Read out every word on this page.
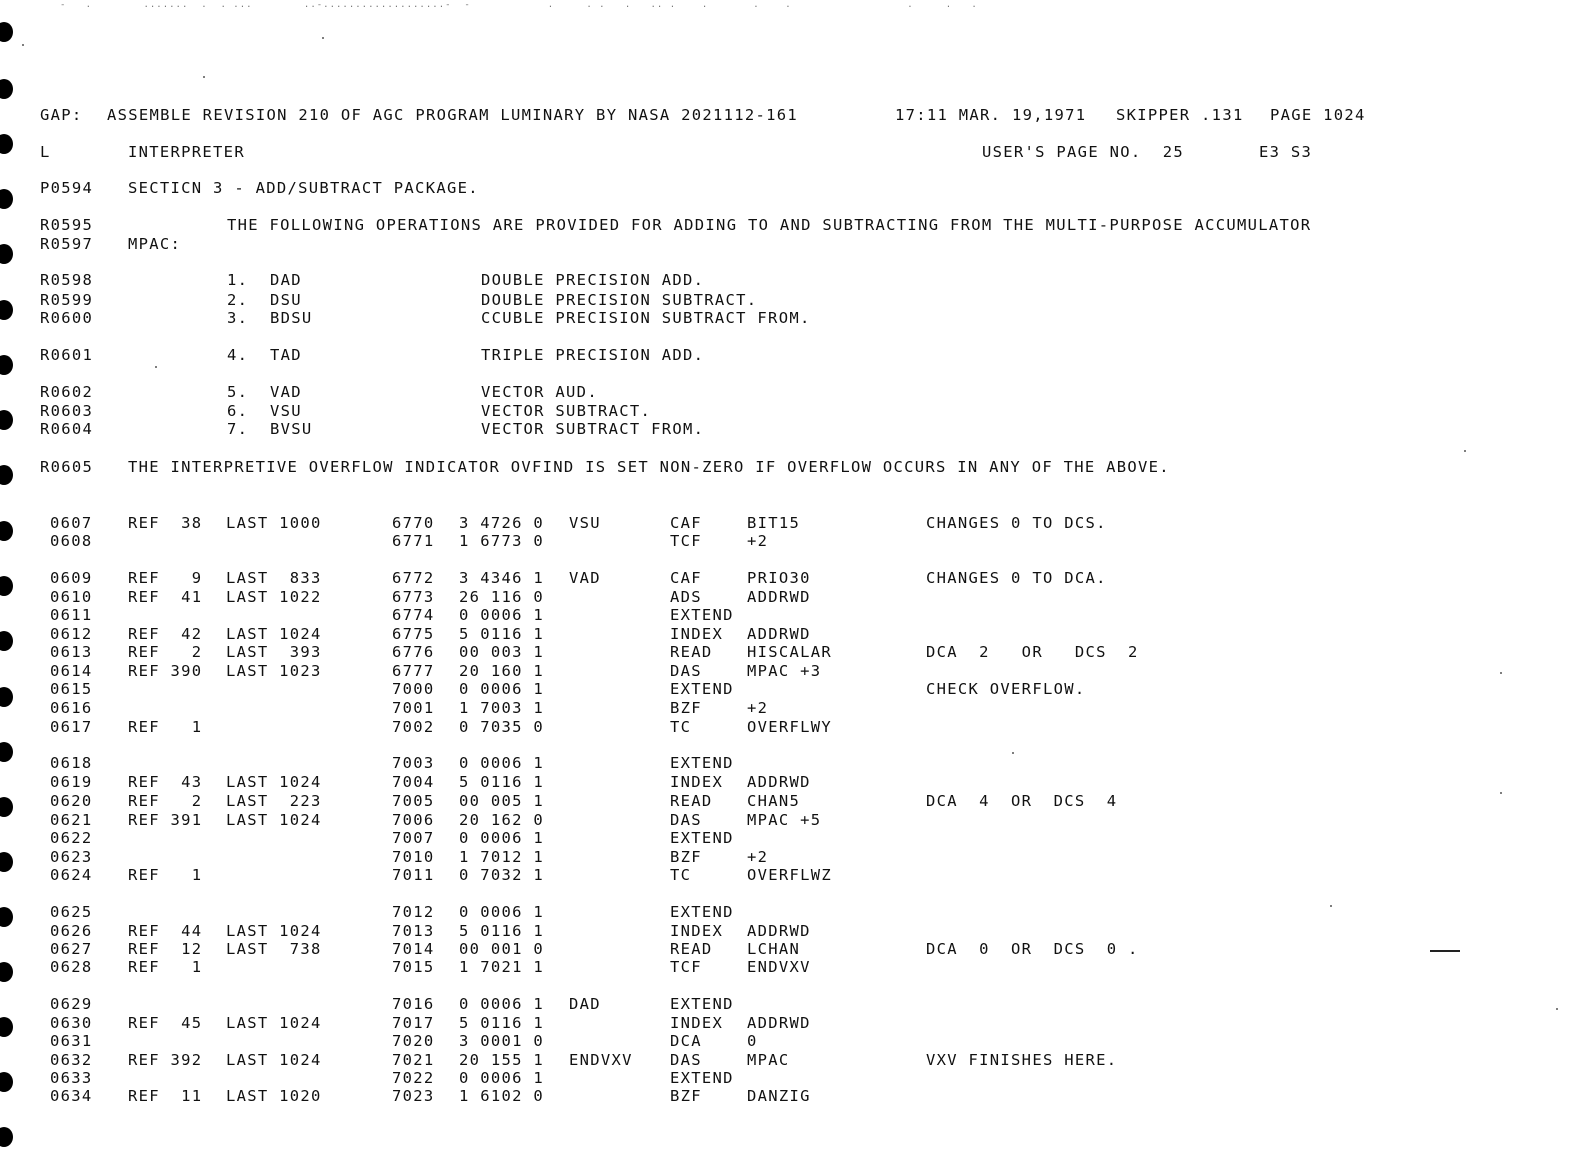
-   .        .......  .  . ...        ..-...................-  -            .     . .   .   .. .    .       .    .                  .     .   .
GAP: ASSEMBLE REVISION 210 OF AGC PROGRAM LUMINARY BY NASA 2021112-161	17:11 MAR. 19,1971 SKIPPER .131 PAGE 1024
L	INTERPRETER	USER'S PAGE NO.  25	E3 S3
P0594 SECTICN 3 - ADD/SUBTRACT PACKAGE.
R0595	THE FOLLOWING OPERATIONS ARE PROVIDED FOR ADDING TO AND SUBTRACTING FROM THE MULTI-PURPOSE ACCUMULATOR
R0597 MPAC:
R0598	1. DAD	DOUBLE PRECISION ADD.
R0599	2. DSU	DOUBLE PRECISION SUBTRACT.
R0600	3. BDSU	CCUBLE PRECISION SUBTRACT FROM.
R0601	4. TAD	TRIPLE PRECISION ADD.
R0602	5. VAD	VECTOR AUD.
R0603	6. VSU	VECTOR SUBTRACT.
R0604	7. BVSU	VECTOR SUBTRACT FROM.
R0605 THE INTERPRETIVE OVERFLOW INDICATOR OVFIND IS SET NON-ZERO IF OVERFLOW OCCURS IN ANY OF THE ABOVE.
0607 REF  38 LAST 1000	6770 3 4726 0 VSU	CAF	BIT15	CHANGES 0 TO DCS.
0608	6771 1 6773 0	TCF	+2
0609 REF   9 LAST  833	6772 3 4346 1 VAD	CAF	PRIO30	CHANGES 0 TO DCA.
0610 REF  41 LAST 1022	6773 26 116 0	ADS	ADDRWD
0611	6774 0 0006 1	EXTEND
0612 REF  42 LAST 1024	6775 5 0116 1	INDEX ADDRWD
0613 REF   2 LAST  393	6776 00 003 1	READ HISCALAR	DCA  2   OR   DCS  2
0614 REF 390 LAST 1023	6777 20 160 1	DAS	MPAC +3
0615	7000 0 0006 1	EXTEND	CHECK OVERFLOW.
0616	7001 1 7003 1	BZF	+2
0617 REF   1	7002 0 7035 0	TC	OVERFLWY
0618	7003 0 0006 1	EXTEND
0619 REF  43 LAST 1024	7004 5 0116 1	INDEX ADDRWD
0620 REF   2 LAST  223	7005 00 005 1	READ CHAN5	DCA  4  OR  DCS  4
0621 REF 391 LAST 1024	7006 20 162 0	DAS	MPAC +5
0622	7007 0 0006 1	EXTEND
0623	7010 1 7012 1	BZF	+2
0624 REF   1	7011 0 7032 1	TC	OVERFLWZ
0625	7012 0 0006 1	EXTEND
0626 REF  44 LAST 1024	7013 5 0116 1	INDEX ADDRWD
0627 REF  12 LAST  738	7014 00 001 0	READ LCHAN	DCA  0  OR  DCS  0 .
0628 REF   1	7015 1 7021 1	TCF	ENDVXV
0629	7016 0 0006 1 DAD	EXTEND
0630 REF  45 LAST 1024	7017 5 0116 1	INDEX ADDRWD
0631	7020 3 0001 0	DCA	0
0632 REF 392 LAST 1024	7021 20 155 1 ENDVXV DAS	MPAC	VXV FINISHES HERE.
0633	7022 0 0006 1	EXTEND
0634 REF  11 LAST 1020	7023 1 6102 0	BZF	DANZIG
